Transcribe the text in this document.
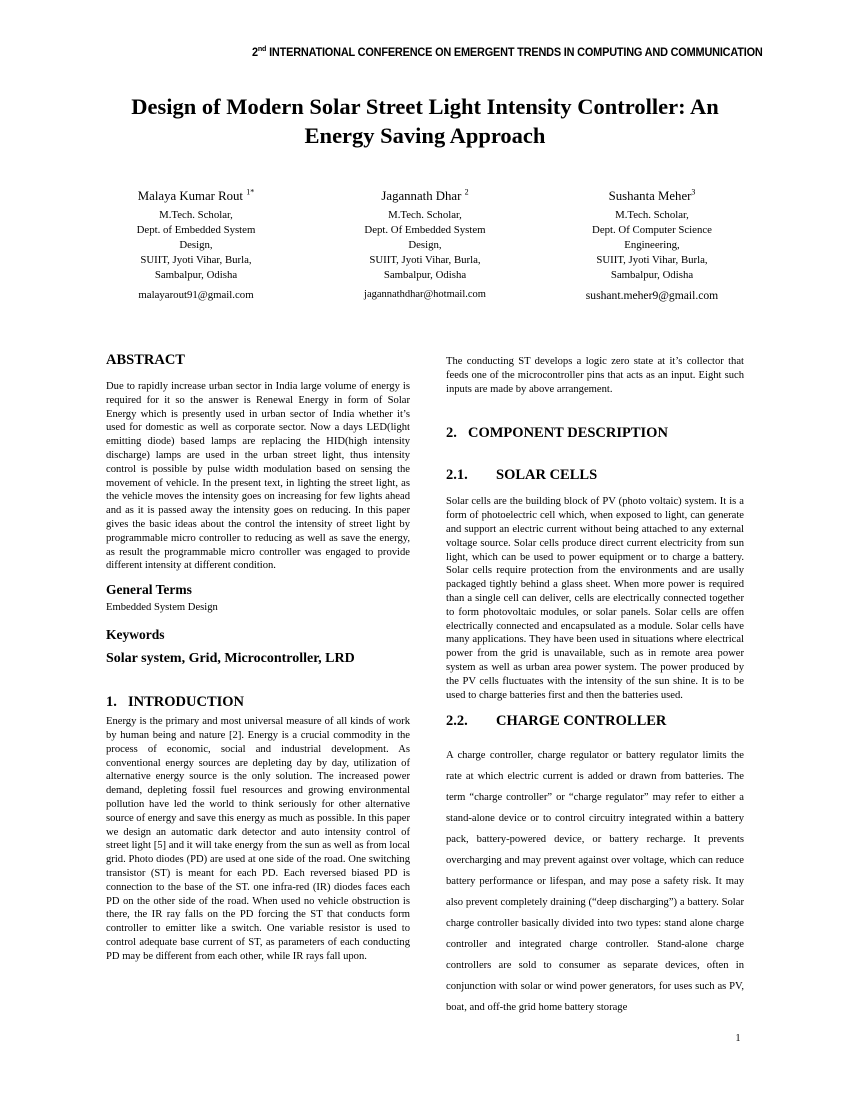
2nd INTERNATIONAL CONFERENCE ON EMERGENT TRENDS IN COMPUTING AND COMMUNICATION
Design of Modern Solar Street Light Intensity Controller: An
Energy Saving Approach
Malaya Kumar Rout $^{1*}$
M.Tech. Scholar,
Dept. of Embedded System
Design,
SUIIT, Jyoti Vihar, Burla,
Sambalpur, Odisha
malayarout91@gmail.com
Jagannath Dhar $^2$
M.Tech. Scholar,
Dept. Of Embedded System
Design,
SUIIT, Jyoti Vihar, Burla,
Sambalpur, Odisha
jagannathdhar@hotmail.com
Sushanta Meher$^3$
M.Tech. Scholar,
Dept. Of Computer Science
Engineering,
SUIIT, Jyoti Vihar, Burla,
Sambalpur, Odisha
sushant.meher9@gmail.com
ABSTRACT

Due to rapidly increase urban sector in India large volume of energy is required for it so the answer is Renewal Energy in form of Solar Energy which is presently used in urban sector of India whether it’s used for domestic as well as corporate sector. Now a days LED(light emitting diode) based lamps are replacing the HID(high intensity discharge) lamps are used in the urban street light, thus intensity control is possible by pulse width modulation based on sensing the movement of vehicle. In the present text, in lighting the street light, as the vehicle moves the intensity goes on increasing for few lights ahead and as it is passed away the intensity goes on reducing. In this paper gives the basic ideas about the control the intensity of street light by programmable micro controller to reducing as well as save the energy, as result the programmable micro controller was engaged to provide different intensity at different condition.

General Terms

Embedded System Design

Keywords

Solar system, Grid, Microcontroller, LRD

1. INTRODUCTION

Energy is the primary and most universal measure of all kinds of work by human being and nature [2]. Energy is a crucial commodity in the process of economic, social and industrial development. As conventional energy sources are depleting day by day, utilization of alternative energy source is the only solution. The increased power demand, depleting fossil fuel resources and growing environmental pollution have led the world to think seriously for other alternative source of energy and save this energy as much as possible. In this paper we design an automatic dark detector and auto intensity control of street light [5] and it will take energy from the sun as well as from local grid. Photo diodes (PD) are used at one side of the road. One switching transistor (ST) is meant for each PD. Each reversed biased PD is connection to the base of the ST. one infra-red (IR) diodes faces each PD on the other side of the road. When used no vehicle obstruction is there, the IR ray falls on the PD forcing the ST that conducts form controller to emitter like a switch. One variable resistor is used to control adequate base current of ST, as parameters of each conducting PD may be different from each other, while IR rays fall upon.

The conducting ST develops a logic zero state at it’s collector that feeds one of the microcontroller pins that acts as an input. Eight such inputs are made by above arrangement.

2. COMPONENT DESCRIPTION
2.1. SOLAR CELLS

Solar cells are the building block of PV (photo voltaic) system. It is a form of photoelectric cell which, when exposed to light, can generate and support an electric current without being attached to any external voltage source. Solar cells produce direct current electricity from sun light, which can be used to power equipment or to charge a battery. Solar cells require protection from the environments and are usally packaged tightly behind a glass sheet. When more power is required than a single cell can deliver, cells are electrically connected together to form photovoltaic modules, or solar panels. Solar cells are offen electrically connected and encapsulated as a module. Solar cells have many applications. They have been used in situations where electrical power from the grid is unavailable, such as in remote area power system as well as urban area power system. The power produced by the PV cells fluctuates with the intensity of the sun shine. It is to be used to charge batteries first and then the batteries used.

2.2. CHARGE CONTROLLER

A charge controller, charge regulator or battery regulator limits the rate at which electric current is added or drawn from batteries. The term “charge controller” or “charge regulator” may refer to either a stand-alone device or to control circuitry integrated within a battery pack, battery-powered device, or battery recharge. It prevents overcharging and may prevent against over voltage, which can reduce battery performance or lifespan, and may pose a safety risk. It may also prevent completely draining (“deep discharging”) a battery. Solar charge controller basically divided into two types: stand alone charge controller and integrated charge controller. Stand-alone charge controllers are sold to consumer as separate devices, often in conjunction with solar or wind power generators, for uses such as PV, boat, and off-the grid home battery storage

1
